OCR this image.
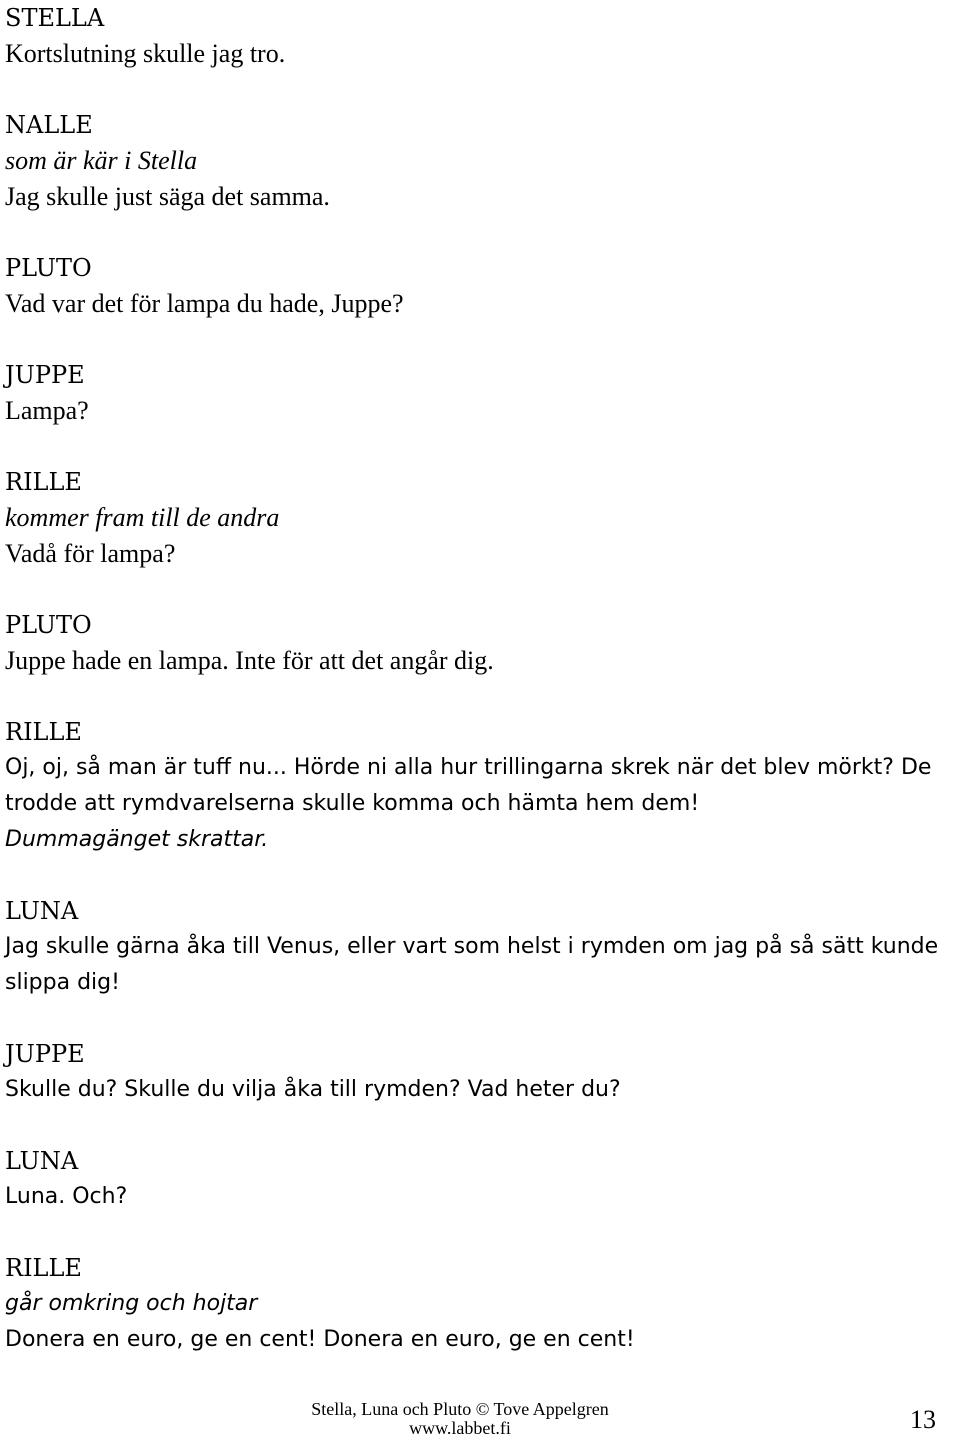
STELLA
Kortslutning skulle jag tro.
NALLE
som är kär i Stella
Jag skulle just säga det samma.
PLUTO
Vad var det för lampa du hade, Juppe?
JUPPE
Lampa?
RILLE
kommer fram till de andra
Vadå för lampa?
PLUTO
Juppe hade en lampa. Inte för att det angår dig.
RILLE
Oj, oj, så man är tuff nu... Hörde ni alla hur trillingarna skrek när det blev mörkt? De trodde att rymdvarelserna skulle komma och hämta hem dem!
Dummagänget skrattar.
LUNA
Jag skulle gärna åka till Venus, eller vart som helst i rymden om jag på så sätt kunde slippa dig!
JUPPE
Skulle du? Skulle du vilja åka till rymden? Vad heter du?
LUNA
Luna. Och?
RILLE
går omkring och hojtar
Donera en euro, ge en cent! Donera en euro, ge en cent!
Stella, Luna och Pluto © Tove Appelgren
www.labbet.fi	13
